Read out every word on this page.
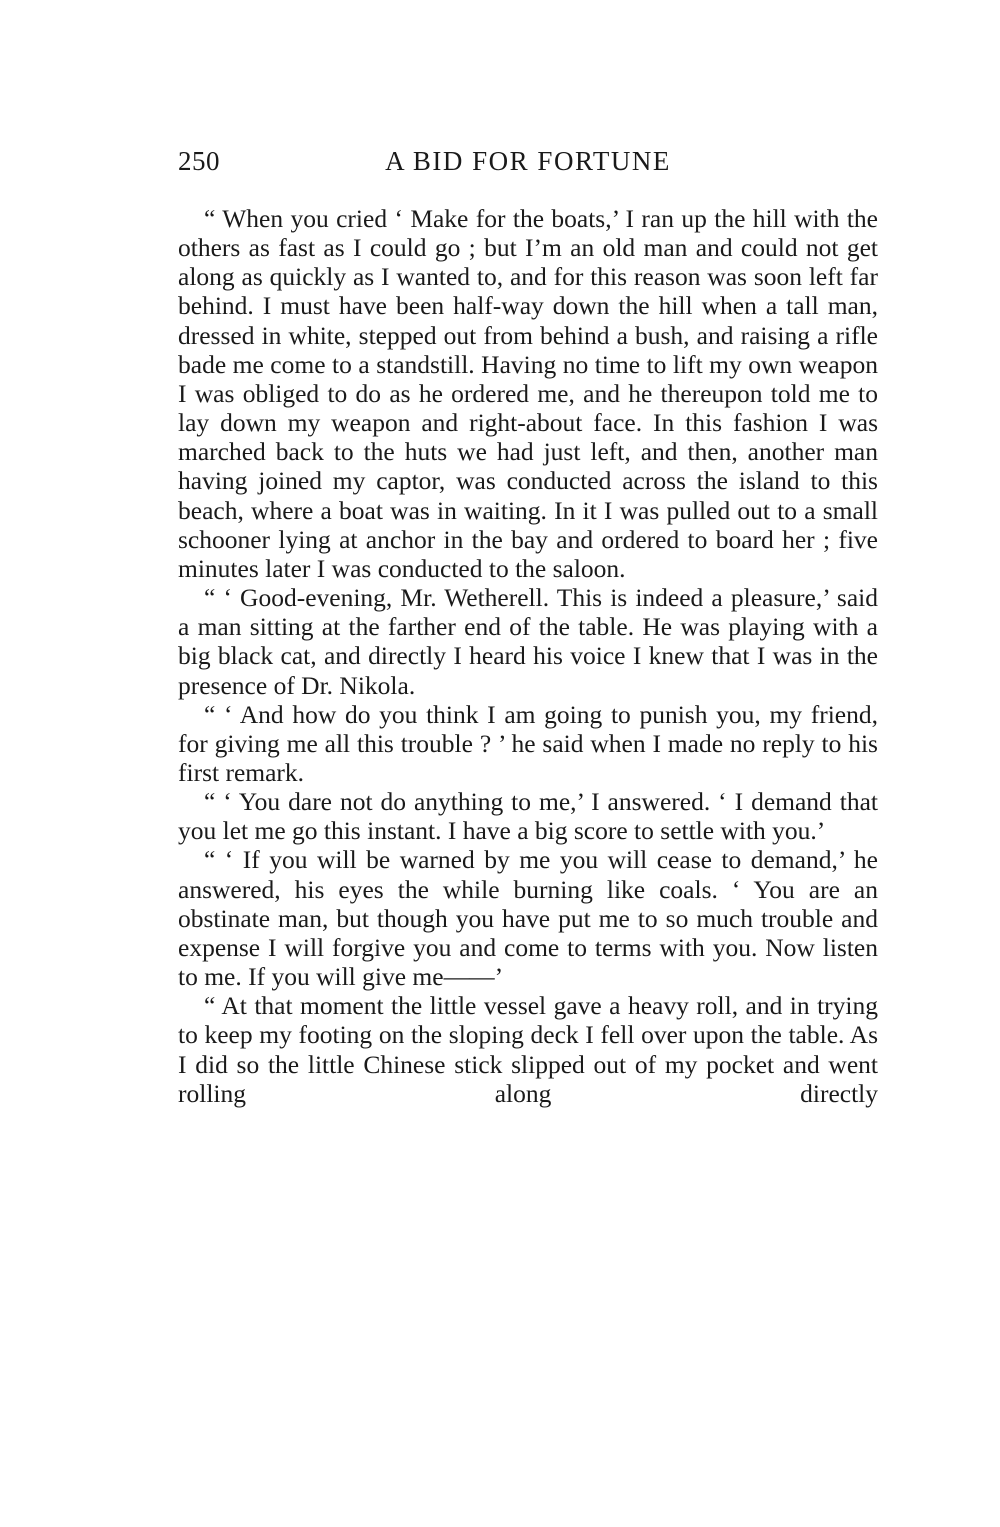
250	A BID FOR FORTUNE

“ When you cried ‘ Make for the boats,’ I ran up the hill with the others as fast as I could go ; but I’m an old man and could not get along as quickly as I wanted to, and for this reason was soon left far behind. I must have been half-way down the hill when a tall man, dressed in white, stepped out from behind a bush, and raising a rifle bade me come to a standstill. Having no time to lift my own weapon I was obliged to do as he ordered me, and he thereupon told me to lay down my weapon and right-about face. In this fashion I was marched back to the huts we had just left, and then, another man having joined my captor, was conducted across the island to this beach, where a boat was in waiting. In it I was pulled out to a small schooner lying at anchor in the bay and ordered to board her ; five minutes later I was conducted to the saloon.

“ ‘ Good-evening, Mr. Wetherell. This is indeed a pleasure,’ said a man sitting at the farther end of the table. He was playing with a big black cat, and directly I heard his voice I knew that I was in the presence of Dr. Nikola.

“ ‘ And how do you think I am going to punish you, my friend, for giving me all this trouble ? ’ he said when I made no reply to his first remark.

“ ‘ You dare not do anything to me,’ I answered. ‘ I demand that you let me go this instant. I have a big score to settle with you.’

“ ‘ If you will be warned by me you will cease to demand,’ he answered, his eyes the while burning like coals. ‘ You are an obstinate man, but though you have put me to so much trouble and expense I will forgive you and come to terms with you. Now listen to me. If you will give me——’

“ At that moment the little vessel gave a heavy roll, and in trying to keep my footing on the sloping deck I fell over upon the table. As I did so the little Chinese stick slipped out of my pocket and went rolling along directly
